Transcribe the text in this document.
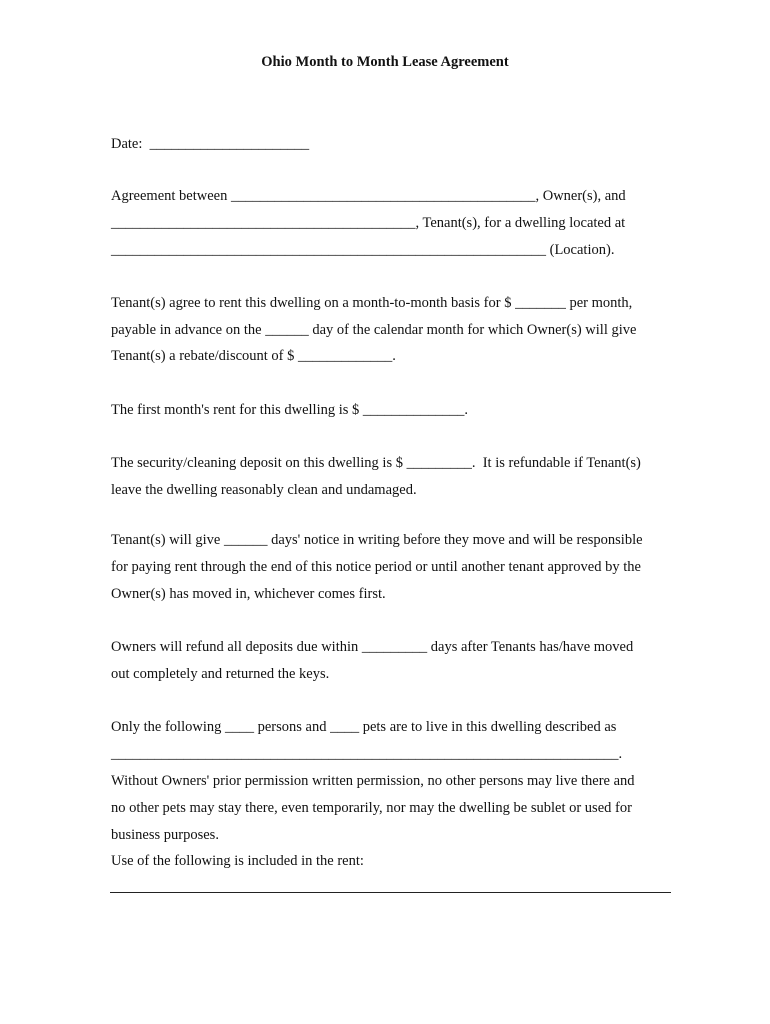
Ohio Month to Month Lease Agreement
Date:  ______________________
Agreement between __________________________________________, Owner(s), and
__________________________________________, Tenant(s), for a dwelling located at
____________________________________________________________ (Location).
Tenant(s) agree to rent this dwelling on a month-to-month basis for $ _______ per month,
payable in advance on the ______ day of the calendar month for which Owner(s) will give
Tenant(s) a rebate/discount of $ _____________.
The first month's rent for this dwelling is $ ______________.
The security/cleaning deposit on this dwelling is $ _________.  It is refundable if Tenant(s)
leave the dwelling reasonably clean and undamaged.
Tenant(s) will give ______ days' notice in writing before they move and will be responsible
for paying rent through the end of this notice period or until another tenant approved by the
Owner(s) has moved in, whichever comes first.
Owners will refund all deposits due within _________ days after Tenants has/have moved
out completely and returned the keys.
Only the following ____ persons and ____ pets are to live in this dwelling described as
______________________________________________________________________.
Without Owners' prior permission written permission, no other persons may live there and
no other pets may stay there, even temporarily, nor may the dwelling be sublet or used for
business purposes.
Use of the following is included in the rent:
